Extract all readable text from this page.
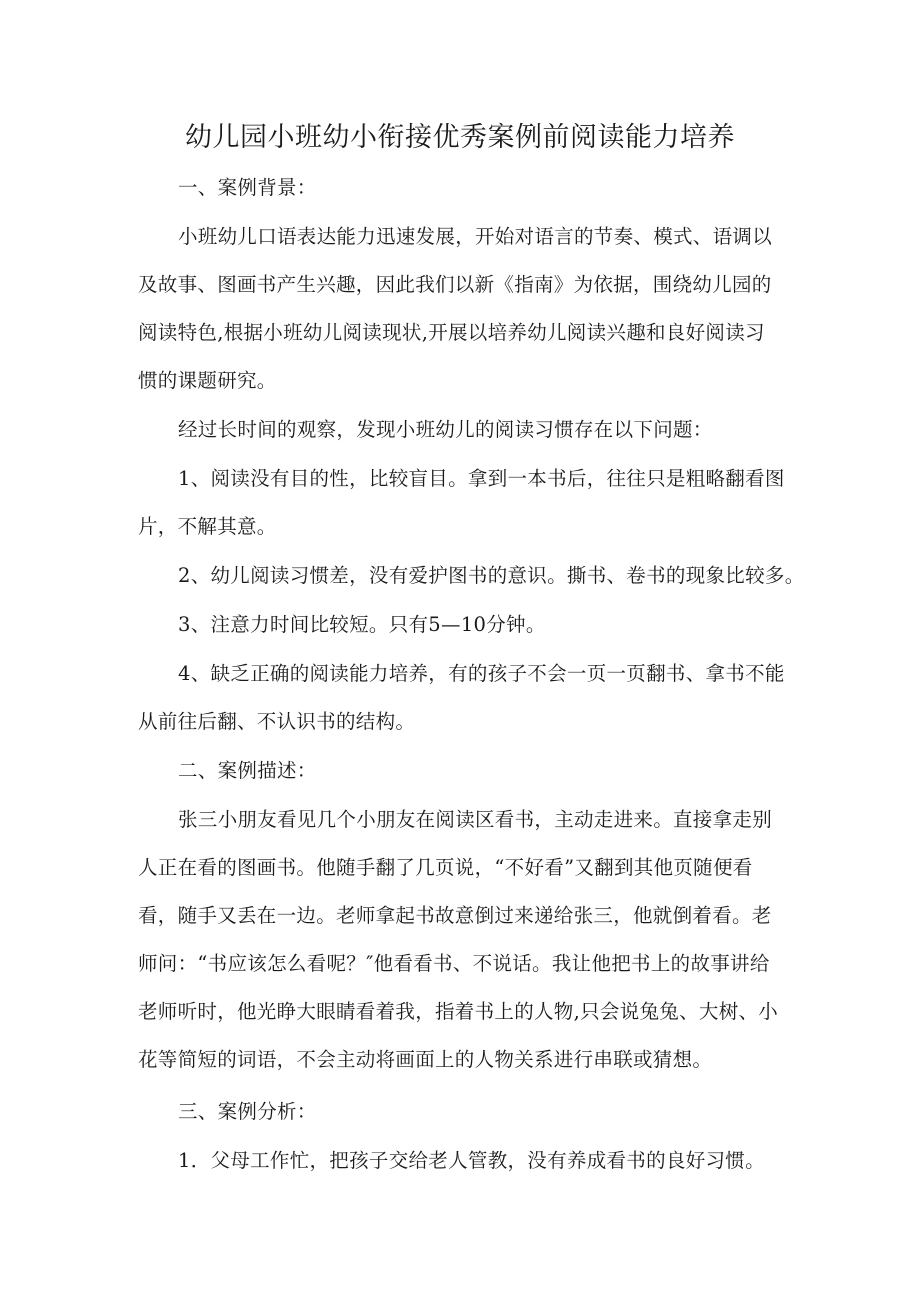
幼儿园小班幼小衔接优秀案例前阅读能力培养
一、案例背景：
小班幼儿口语表达能力迅速发展，开始对语言的节奏、模式、语调以
及故事、图画书产生兴趣，因此我们以新《指南》为依据，围绕幼儿园的
阅读特色,根据小班幼儿阅读现状,开展以培养幼儿阅读兴趣和良好阅读习
惯的课题研究。
经过长时间的观察，发现小班幼儿的阅读习惯存在以下问题：
1、阅读没有目的性，比较盲目。拿到一本书后，往往只是粗略翻看图
片，不解其意。
2、幼儿阅读习惯差，没有爱护图书的意识。撕书、卷书的现象比较多。
3、注意力时间比较短。只有5—10分钟。
4、缺乏正确的阅读能力培养，有的孩子不会一页一页翻书、拿书不能
从前往后翻、不认识书的结构。
二、案例描述：
张三小朋友看见几个小朋友在阅读区看书，主动走进来。直接拿走别
人正在看的图画书。他随手翻了几页说，“不好看”又翻到其他页随便看
看，随手又丢在一边。老师拿起书故意倒过来递给张三，他就倒着看。老
师问：“书应该怎么看呢？″他看看书、不说话。我让他把书上的故事讲给
老师听时，他光睁大眼睛看着我，指着书上的人物,只会说兔兔、大树、小
花等简短的词语，不会主动将画面上的人物关系进行串联或猜想。
三、案例分析：
1．父母工作忙，把孩子交给老人管教，没有养成看书的良好习惯。
